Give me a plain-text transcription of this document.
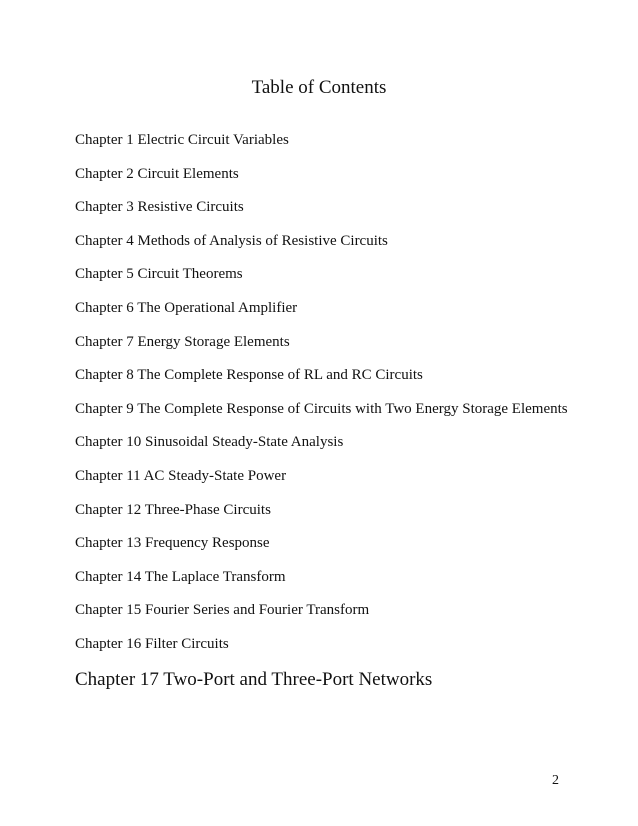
Table of Contents
Chapter 1 Electric Circuit Variables
Chapter 2 Circuit Elements
Chapter 3 Resistive Circuits
Chapter 4 Methods of Analysis of Resistive Circuits
Chapter 5 Circuit Theorems
Chapter 6 The Operational Amplifier
Chapter 7 Energy Storage Elements
Chapter 8 The Complete Response of RL and RC Circuits
Chapter 9 The Complete Response of Circuits with Two Energy Storage Elements
Chapter 10 Sinusoidal Steady-State Analysis
Chapter 11 AC Steady-State Power
Chapter 12 Three-Phase Circuits
Chapter 13 Frequency Response
Chapter 14 The Laplace Transform
Chapter 15 Fourier Series and Fourier Transform
Chapter 16 Filter Circuits
Chapter 17 Two-Port and Three-Port Networks
2
